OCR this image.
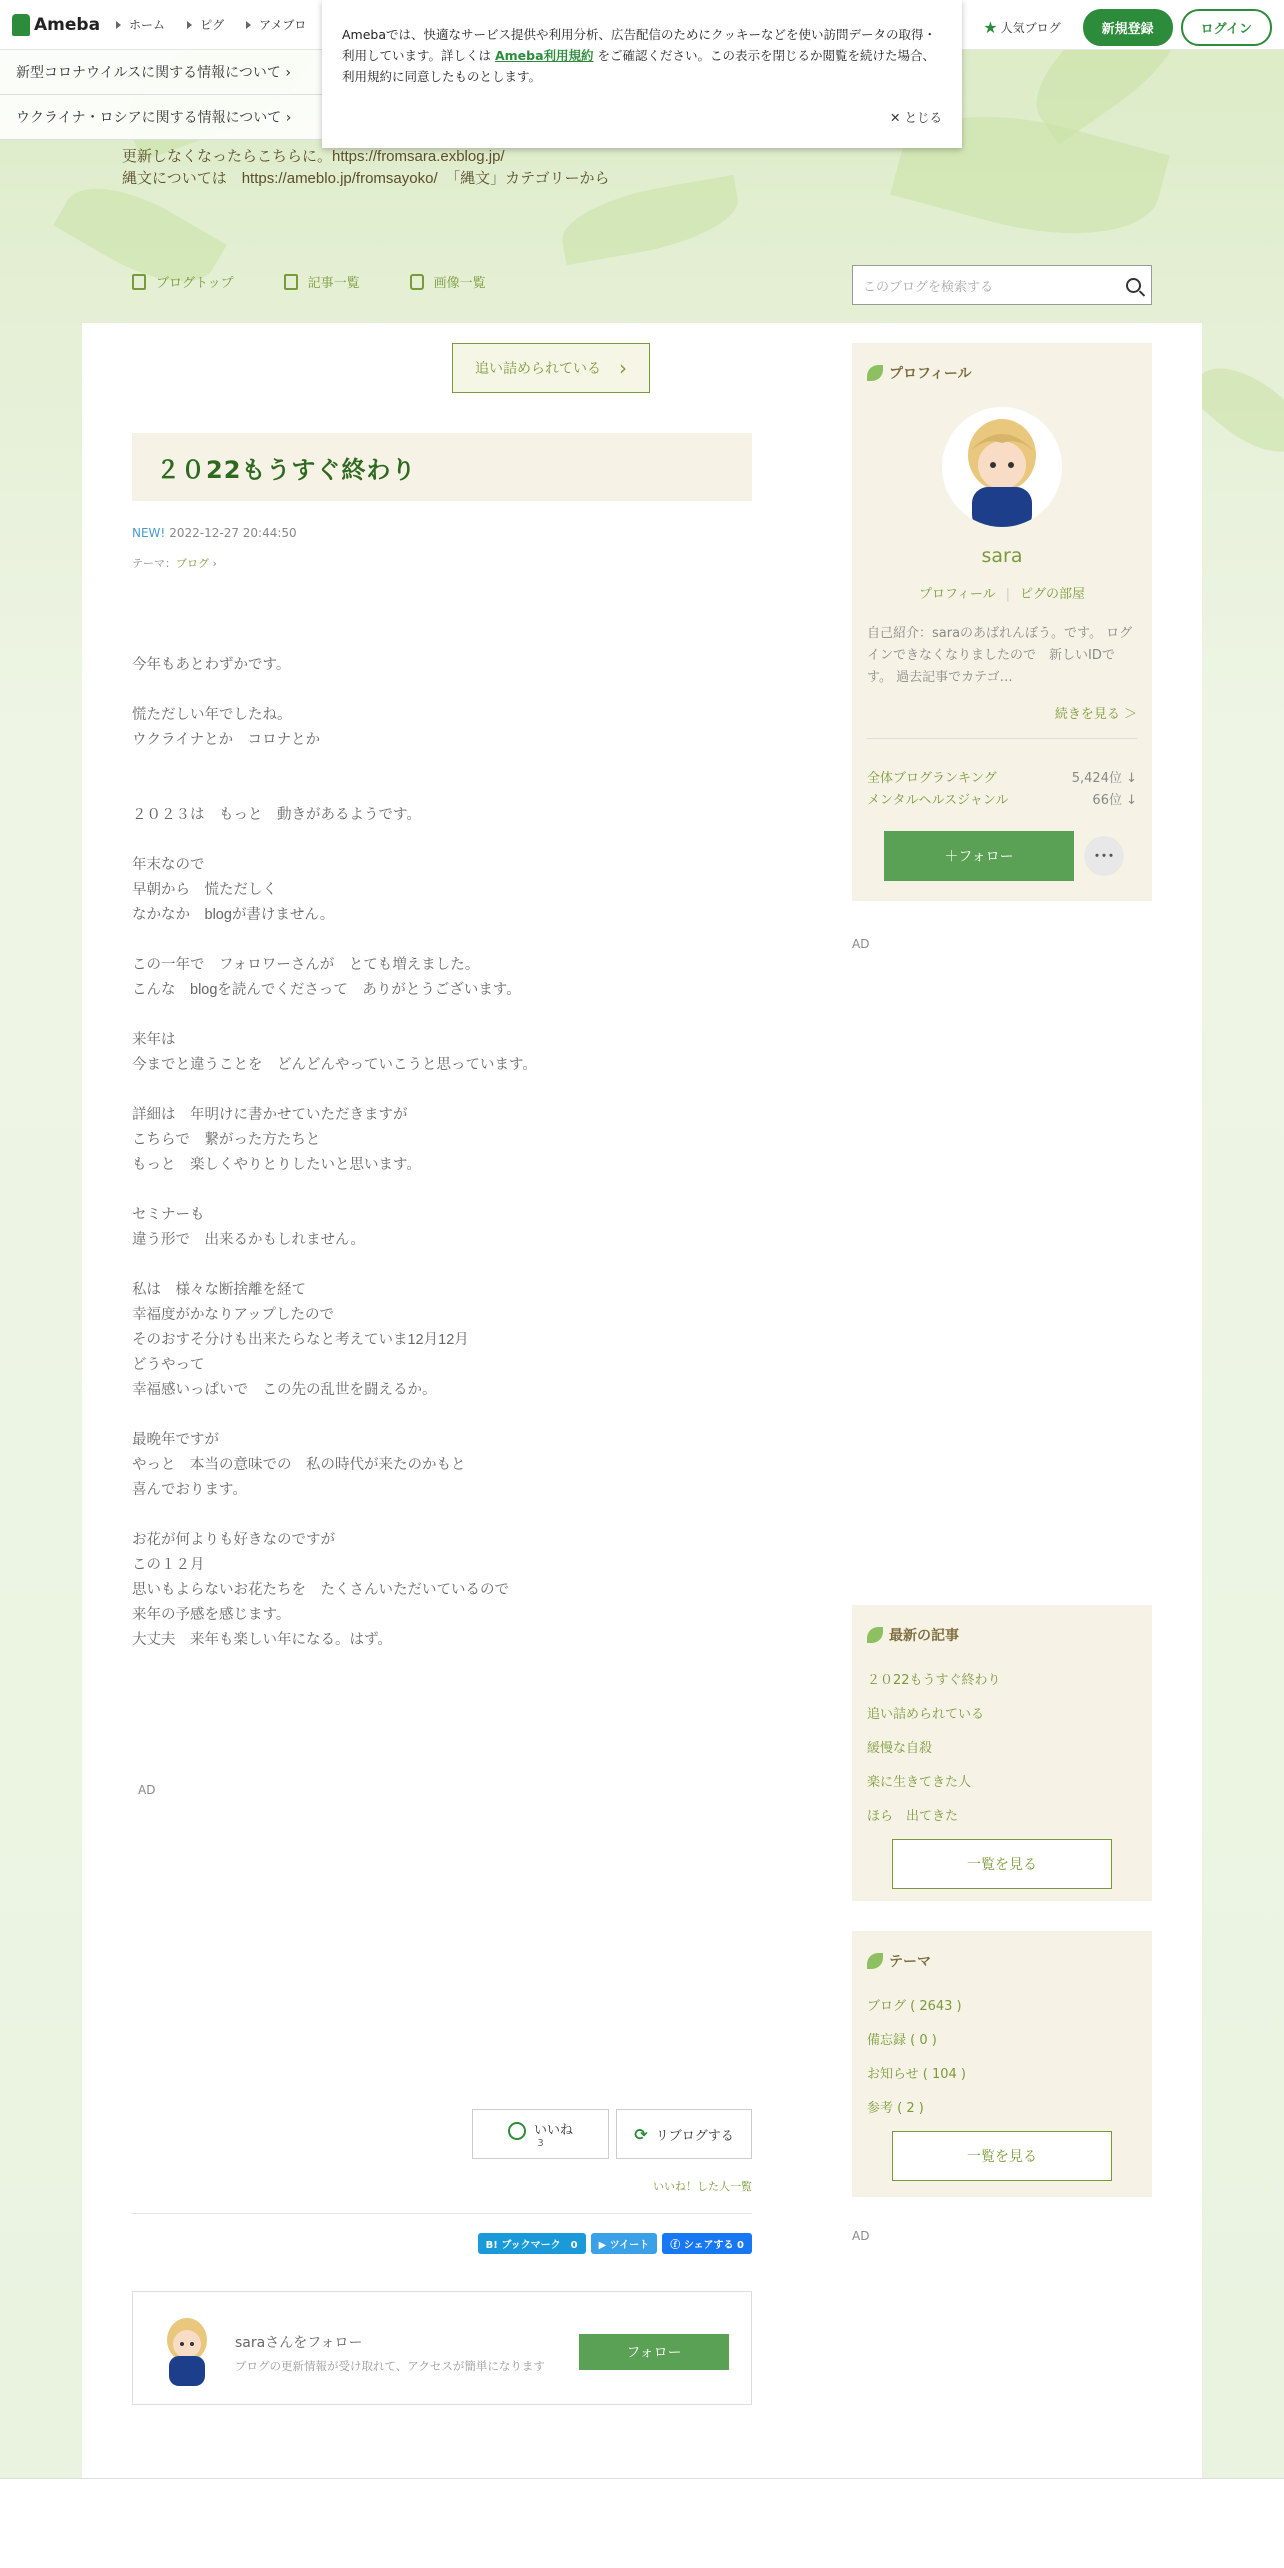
Ameba	ホーム	ピグ	アメブロ	★ 人気ブログ	新規登録	ログイン
新型コロナウイルスに関する情報について ›
ウクライナ・ロシアに関する情報について ›
Amebaでは、快適なサービス提供や利用分析、広告配信のためにクッキーなどを使い訪問データの取得・利用しています。詳しくは Ameba利用規約 をご確認ください。この表示を閉じるか閲覧を続けた場合、利用規約に同意したものとします。
✕ とじる
更新しなくなったらこちらに。https://fromsara.exblog.jp/
縄文については　https://ameblo.jp/fromsayoko/　「縄文」カテゴリーから
ブログトップ	記事一覧	画像一覧	このブログを検索する
追い詰められている ›
２０22もうすぐ終わり
NEW! 2022-12-27 20:44:50
テーマ：ブログ ›

今年もあとわずかです。

慌ただしい年でしたね。

ウクライナとか　コロナとか

２０２３は　もっと　動きがあるようです。

年末なので

早朝から　慌ただしく

なかなか　blogが書けません。

この一年で　フォロワーさんが　とても増えました。

こんな　blogを読んでくださって　ありがとうございます。

来年は

今までと違うことを　どんどんやっていこうと思っています。

詳細は　年明けに書かせていただきますが

こちらで　繋がった方たちと

もっと　楽しくやりとりしたいと思います。

セミナーも

違う形で　出来るかもしれません。

私は　様々な断捨離を経て

幸福度がかなりアップしたので

そのおすそ分けも出来たらなと考えていま12月12月

どうやって

幸福感いっぱいで　この先の乱世を闘えるか。

最晩年ですが

やっと　本当の意味での　私の時代が来たのかもと

喜んでおります。

お花が何よりも好きなのですが

この１２月

思いもよらないお花たちを　たくさんいただいているので

来年の予感を感じます。

大丈夫　来年も楽しい年になる。はず。

AD
いいね
3	⟳ リブログする
いいね！した人一覧
B! ブックマーク　0	▶ ツイート	ⓕ シェアする 0
saraさんをフォロー
ブログの更新情報が受け取れて、アクセスが簡単になります
フォロー
プロフィール
sara
プロフィール | ピグの部屋
自己紹介：saraのあばれんぼう。です。 ログインできなくなりましたので　新しいIDです。 過去記事でカテゴ…
続きを見る ＞
全体ブログランキング	5,424位 ↓
メンタルヘルスジャンル	66位 ↓
＋フォロー	･･･
AD
最新の記事
２０22もうすぐ終わり
追い詰められている
緩慢な自殺
楽に生きてきた人
ほら　出てきた
一覧を見る
テーマ
ブログ ( 2643 )
備忘録 ( 0 )
お知らせ ( 104 )
参考 ( 2 )
一覧を見る
AD
